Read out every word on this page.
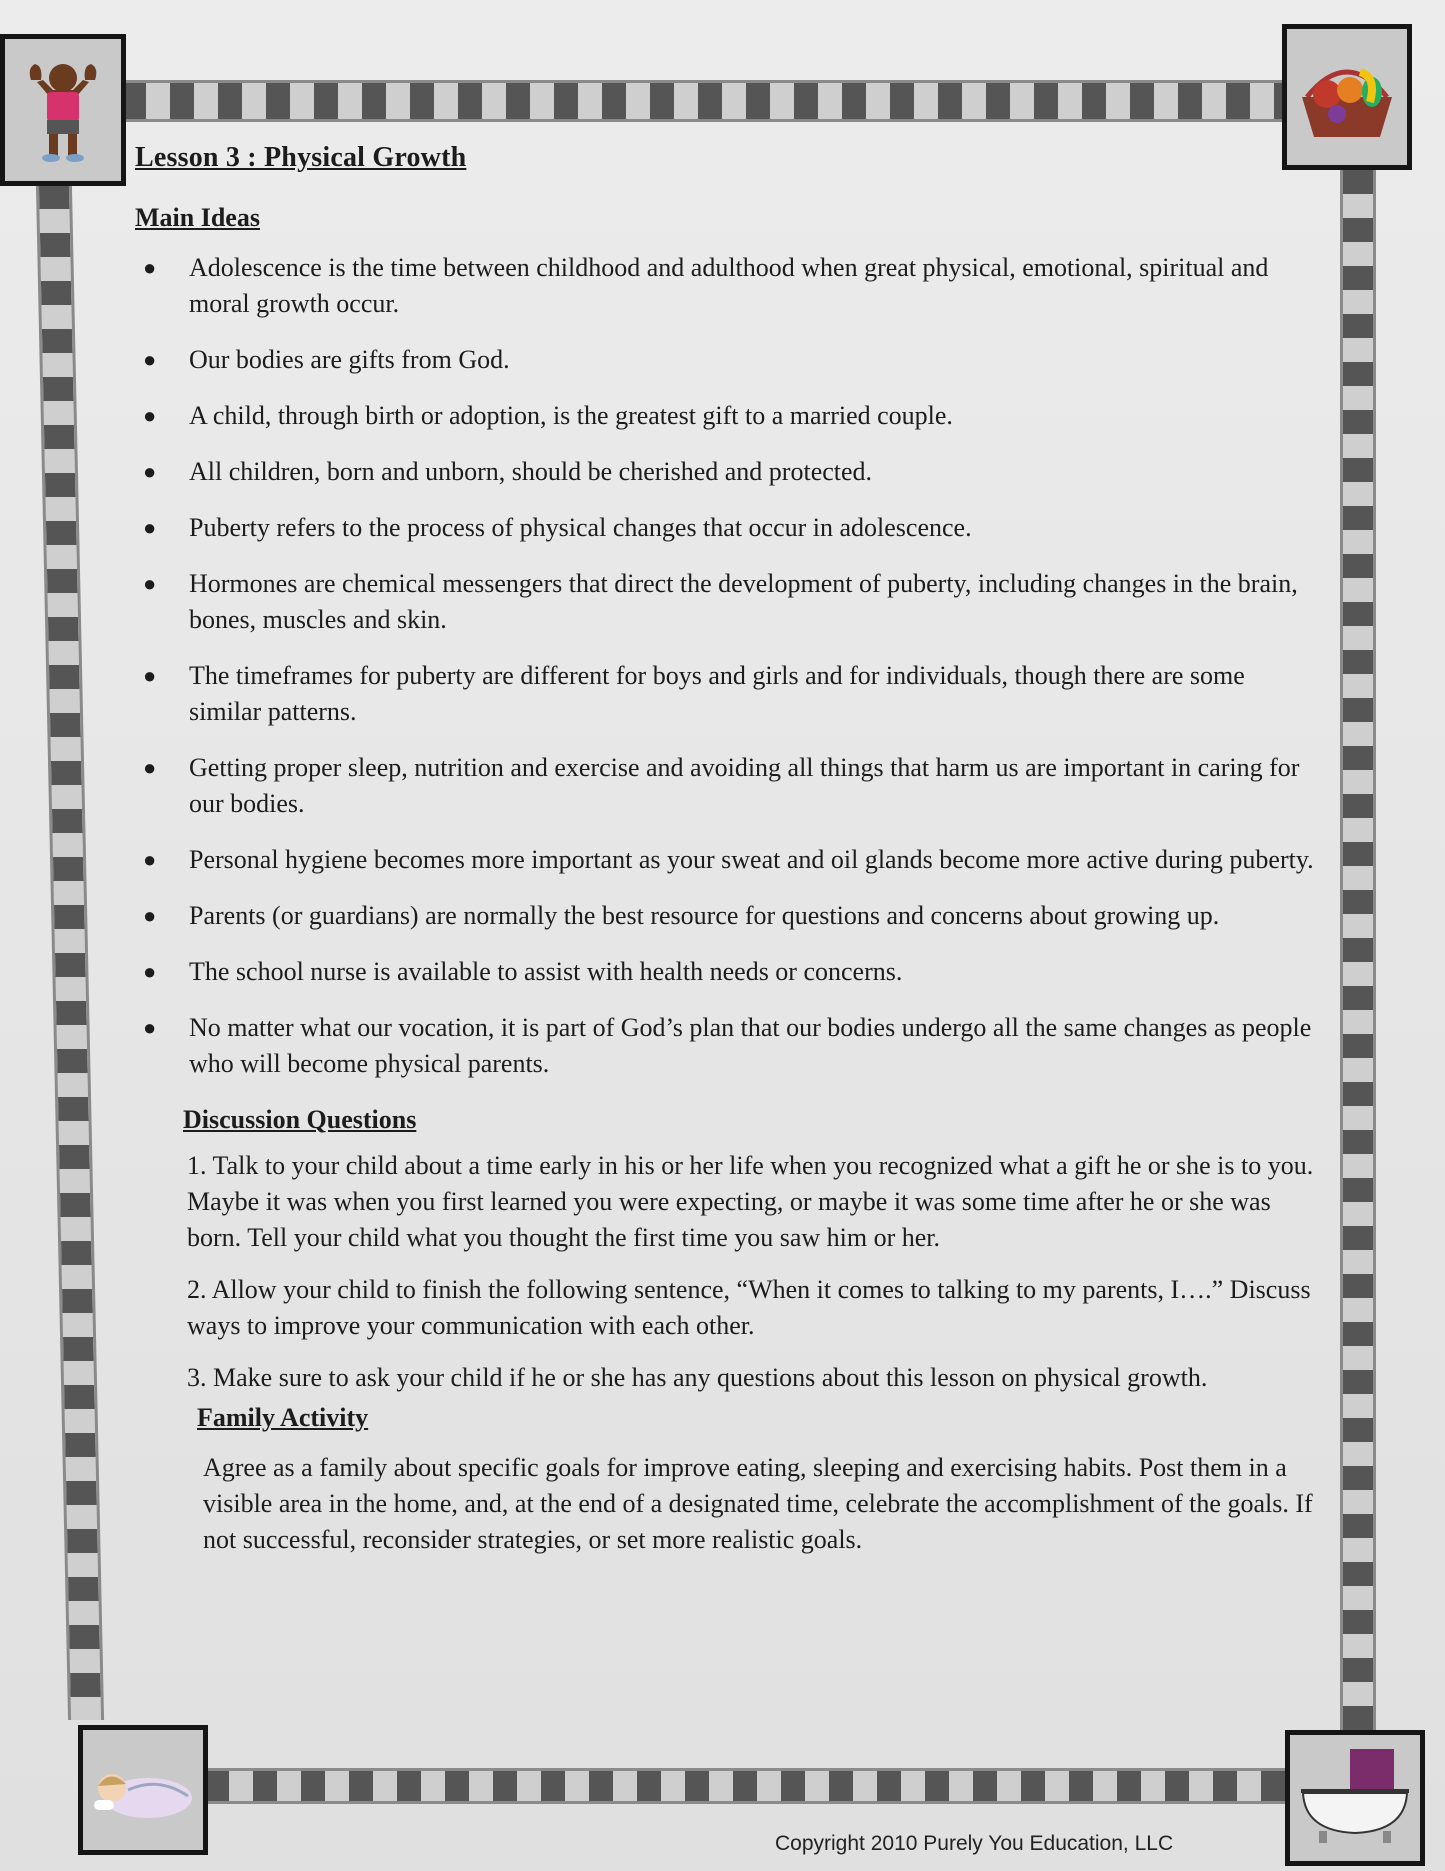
Lesson 3 : Physical Growth
Main Ideas
● Adolescence is the time between childhood and adulthood when great physical, emotional, spiritual and moral growth occur.
● Our bodies are gifts from God.
● A child, through birth or adoption, is the greatest gift to a married couple.
● All children, born and unborn, should be cherished and protected.
● Puberty refers to the process of physical changes that occur in adolescence.
● Hormones are chemical messengers that direct the development of puberty, including changes in the brain, bones, muscles and skin.
● The timeframes for puberty are different for boys and girls and for individuals, though there are some similar patterns.
● Getting proper sleep, nutrition and exercise and avoiding all things that harm us are important in caring for our bodies.
● Personal hygiene becomes more important as your sweat and oil glands become more active during puberty.
● Parents (or guardians) are normally the best resource for questions and concerns about growing up.
● The school nurse is available to assist with health needs or concerns.
● No matter what our vocation, it is part of God’s plan that our bodies undergo all the same changes as people who will become physical parents.
Discussion Questions

1. Talk to your child about a time early in his or her life when you recognized what a gift he or she is to you. Maybe it was when you first learned you were expecting, or maybe it was some time after he or she was born. Tell your child what you thought the first time you saw him or her.

2. Allow your child to finish the following sentence, “When it comes to talking to my parents, I….” Discuss ways to improve your communication with each other.

3. Make sure to ask your child if he or she has any questions about this lesson on physical growth.

Family Activity
Agree as a family about specific goals for improve eating, sleeping and exercising habits. Post them in a visible area in the home, and, at the end of a designated time, celebrate the accomplishment of the goals. If not successful, reconsider strategies, or set more realistic goals.
Copyright 2010 Purely You Education, LLC
